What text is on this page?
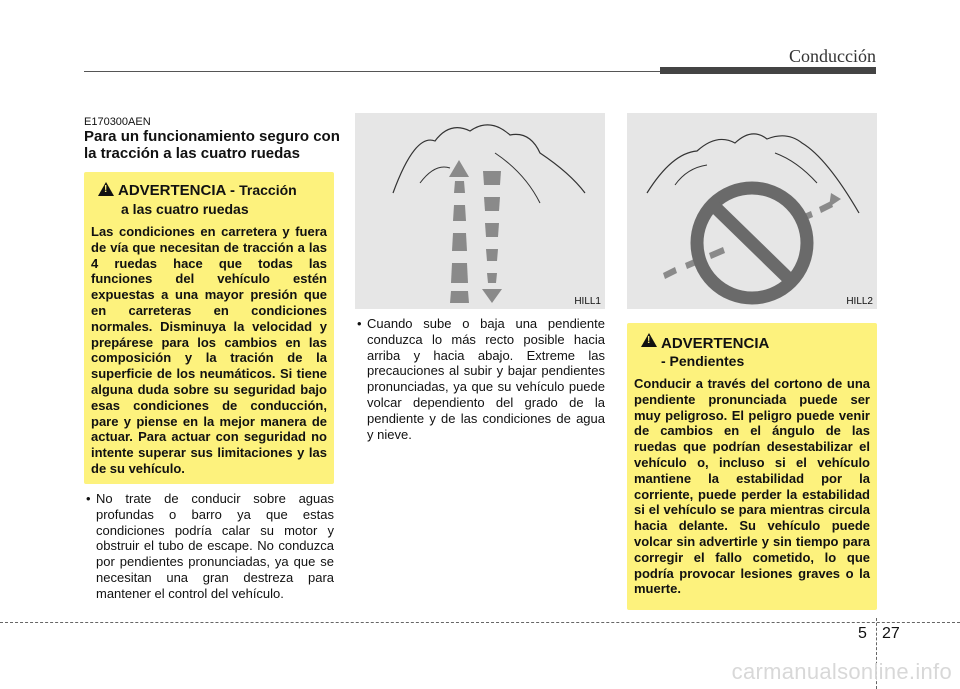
Conducción
E170300AEN
Para un funcionamiento seguro con la tracción a las cuatro ruedas
!
ADVERTENCIA - Tracción
a las cuatro ruedas
Las condiciones en carretera y fuera de vía que necesitan de tracción a las 4 ruedas hace que todas las funciones del vehículo estén expuestas a una mayor presión que en carreteras en condiciones normales. Disminuya la velocidad y prepárese para los cambios en las composición y la tración de la superficie de los neumáticos. Si tiene alguna duda sobre su seguridad bajo esas condiciones de conducción, pare y piense en la mejor manera de actuar. Para actuar con seguridad no intente superar sus limitaciones y las de su vehículo.
• No trate de conducir sobre aguas profundas o barro ya que estas condiciones podría calar su motor y obstruir el tubo de escape. No conduzca por pendientes pronunciadas, ya que se necesitan una gran destreza para mantener el control del vehículo.
HILL1
• Cuando sube o baja una pendiente conduzca lo más recto posible hacia arriba y hacia abajo. Extreme las precauciones al subir y bajar pendientes pronunciadas, ya que su vehículo puede volcar dependiento del grado de la pendiente y de las condiciones de agua y nieve.
HILL2
!
ADVERTENCIA
- Pendientes
Conducir a través del cortono de una pendiente pronunciada puede ser muy peligroso. El peligro puede venir de cambios en el ángulo de las ruedas que podrían desestabilizar el vehículo o, incluso si el vehículo mantiene la estabilidad por la corriente, puede perder la estabilidad si el vehículo se para mientras circula hacia delante. Su vehículo puede volcar sin advertirle y sin tiempo para corregir el fallo cometido, lo que podría provocar lesiones graves o la muerte.
5 27
carmanualsonline.info
